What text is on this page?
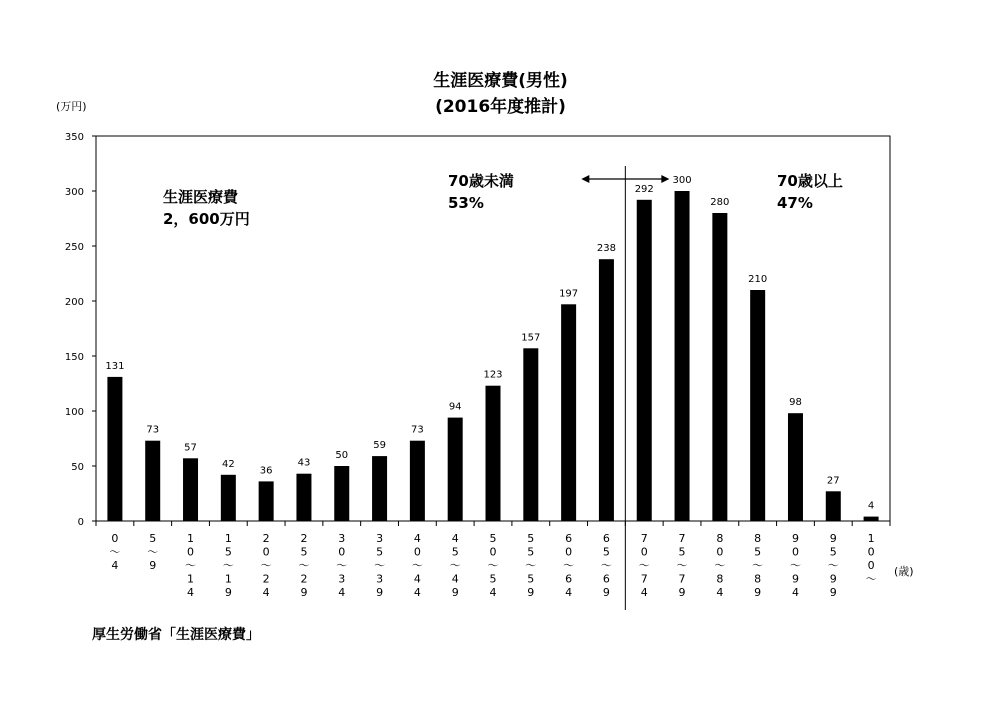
0
50
100
150
200
250
300
350
131
73
57
42
36
43
50
59
73
94
123
157
197
238
292
300
280
210
98
27
4
0
〜
4
5
〜
9
1
0
〜
1
4
1
5
〜
1
9
2
0
〜
2
4
2
5
〜
2
9
3
0
〜
3
4
3
5
〜
3
9
4
0
〜
4
4
4
5
〜
4
9
5
0
〜
5
4
5
5
〜
5
9
6
0
〜
6
4
6
5
〜
6
9
7
0
〜
7
4
7
5
〜
7
9
8
0
〜
8
4
8
5
〜
8
9
9
0
〜
9
4
9
5
〜
9
9
1
0
0
〜
生涯医療費(男性)
(2016年度推計)
(万円)
(歳)
生涯医療費
2，600万円
70歳未満
53%
70歳以上
47%
厚生労働省「生涯医療費」
